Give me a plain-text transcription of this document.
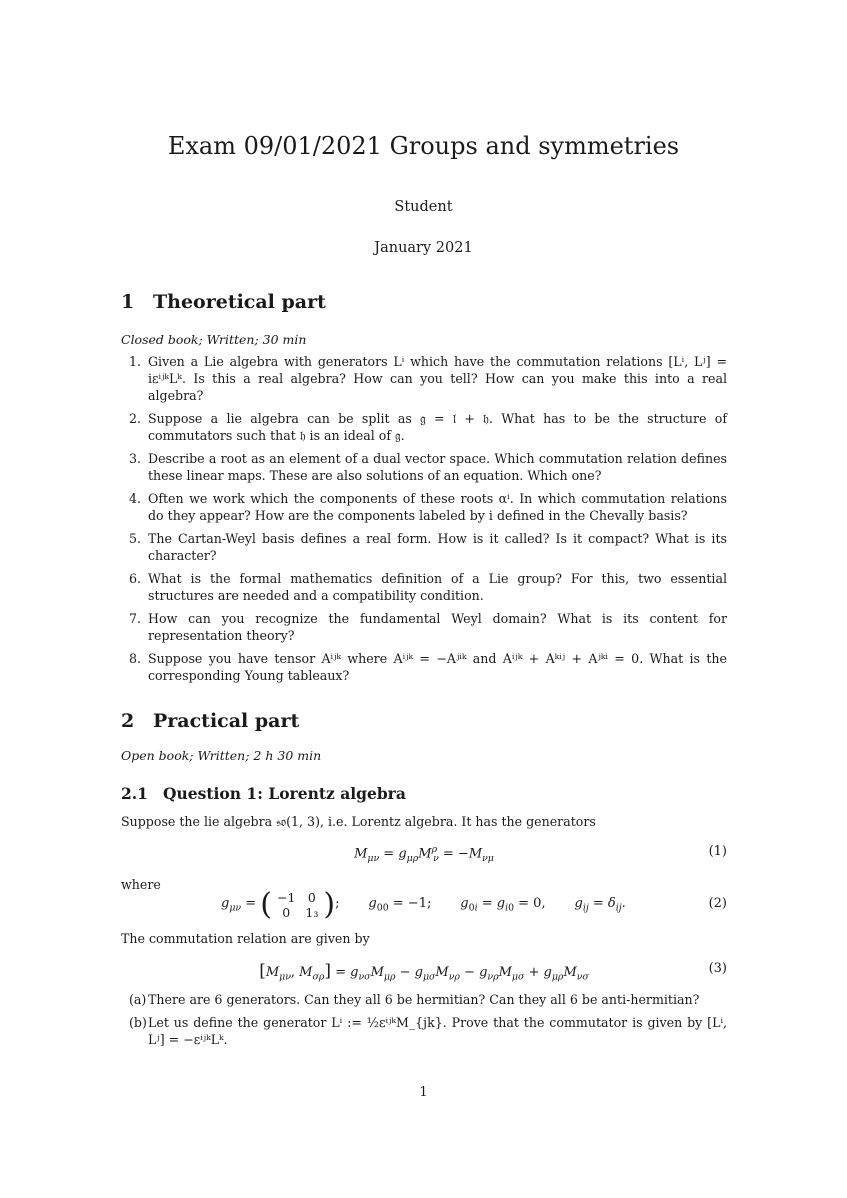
Exam 09/01/2021 Groups and symmetries
Student
January 2021
1 Theoretical part
Closed book; Written; 30 min
1. Given a Lie algebra with generators Lⁱ which have the commutation relations [Lⁱ, Lʲ] = iεⁱʲᵏLᵏ. Is this a real algebra? How can you tell? How can you make this into a real algebra?
2. Suppose a lie algebra can be split as 𝔤 = 𝔩 + 𝔥. What has to be the structure of commutators such that 𝔥 is an ideal of 𝔤.
3. Describe a root as an element of a dual vector space. Which commutation relation defines these linear maps. These are also solutions of an equation. Which one?
4. Often we work which the components of these roots αⁱ. In which commutation relations do they appear? How are the components labeled by i defined in the Chevally basis?
5. The Cartan-Weyl basis defines a real form. How is it called? Is it compact? What is its character?
6. What is the formal mathematics definition of a Lie group? For this, two essential structures are needed and a compatibility condition.
7. How can you recognize the fundamental Weyl domain? What is its content for representation theory?
8. Suppose you have tensor Aⁱʲᵏ where Aⁱʲᵏ = −Aʲⁱᵏ and Aⁱʲᵏ + Aᵏⁱʲ + Aʲᵏⁱ = 0. What is the corresponding Young tableaux?
2 Practical part
Open book; Written; 2 h 30 min
2.1 Question 1: Lorentz algebra
Suppose the lie algebra 𝔰𝔬(1, 3), i.e. Lorentz algebra. It has the generators
$M_{\mu\nu} = g_{\mu\rho}M^\rho_\nu = -M_{\nu\mu}$	(1)
where
$g_{\mu\nu}$ = ( −1	0
0	1₃ ) ;       $g_{00} = -1$;       $g_{0i} = g_{i0} = 0$,       $g_{ij} = \delta_{ij}$.	(2)
The commutation relation are given by
[$M_{\mu\nu}$, $M_{\sigma\rho}] = g_{\nu\sigma}M_{\mu\rho} - g_{\mu\sigma}M_{\nu\rho} - g_{\nu\rho}M_{\mu\sigma} + g_{\mu\rho}M_{\nu\sigma}$
(3)
(a) There are 6 generators. Can they all 6 be hermitian? Can they all 6 be anti-hermitian?
(b) Let us define the generator Lⁱ := ½εⁱʲᵏM_{jk}. Prove that the commutator is given by [Lⁱ, Lʲ] = −εⁱʲᵏLᵏ.
1
